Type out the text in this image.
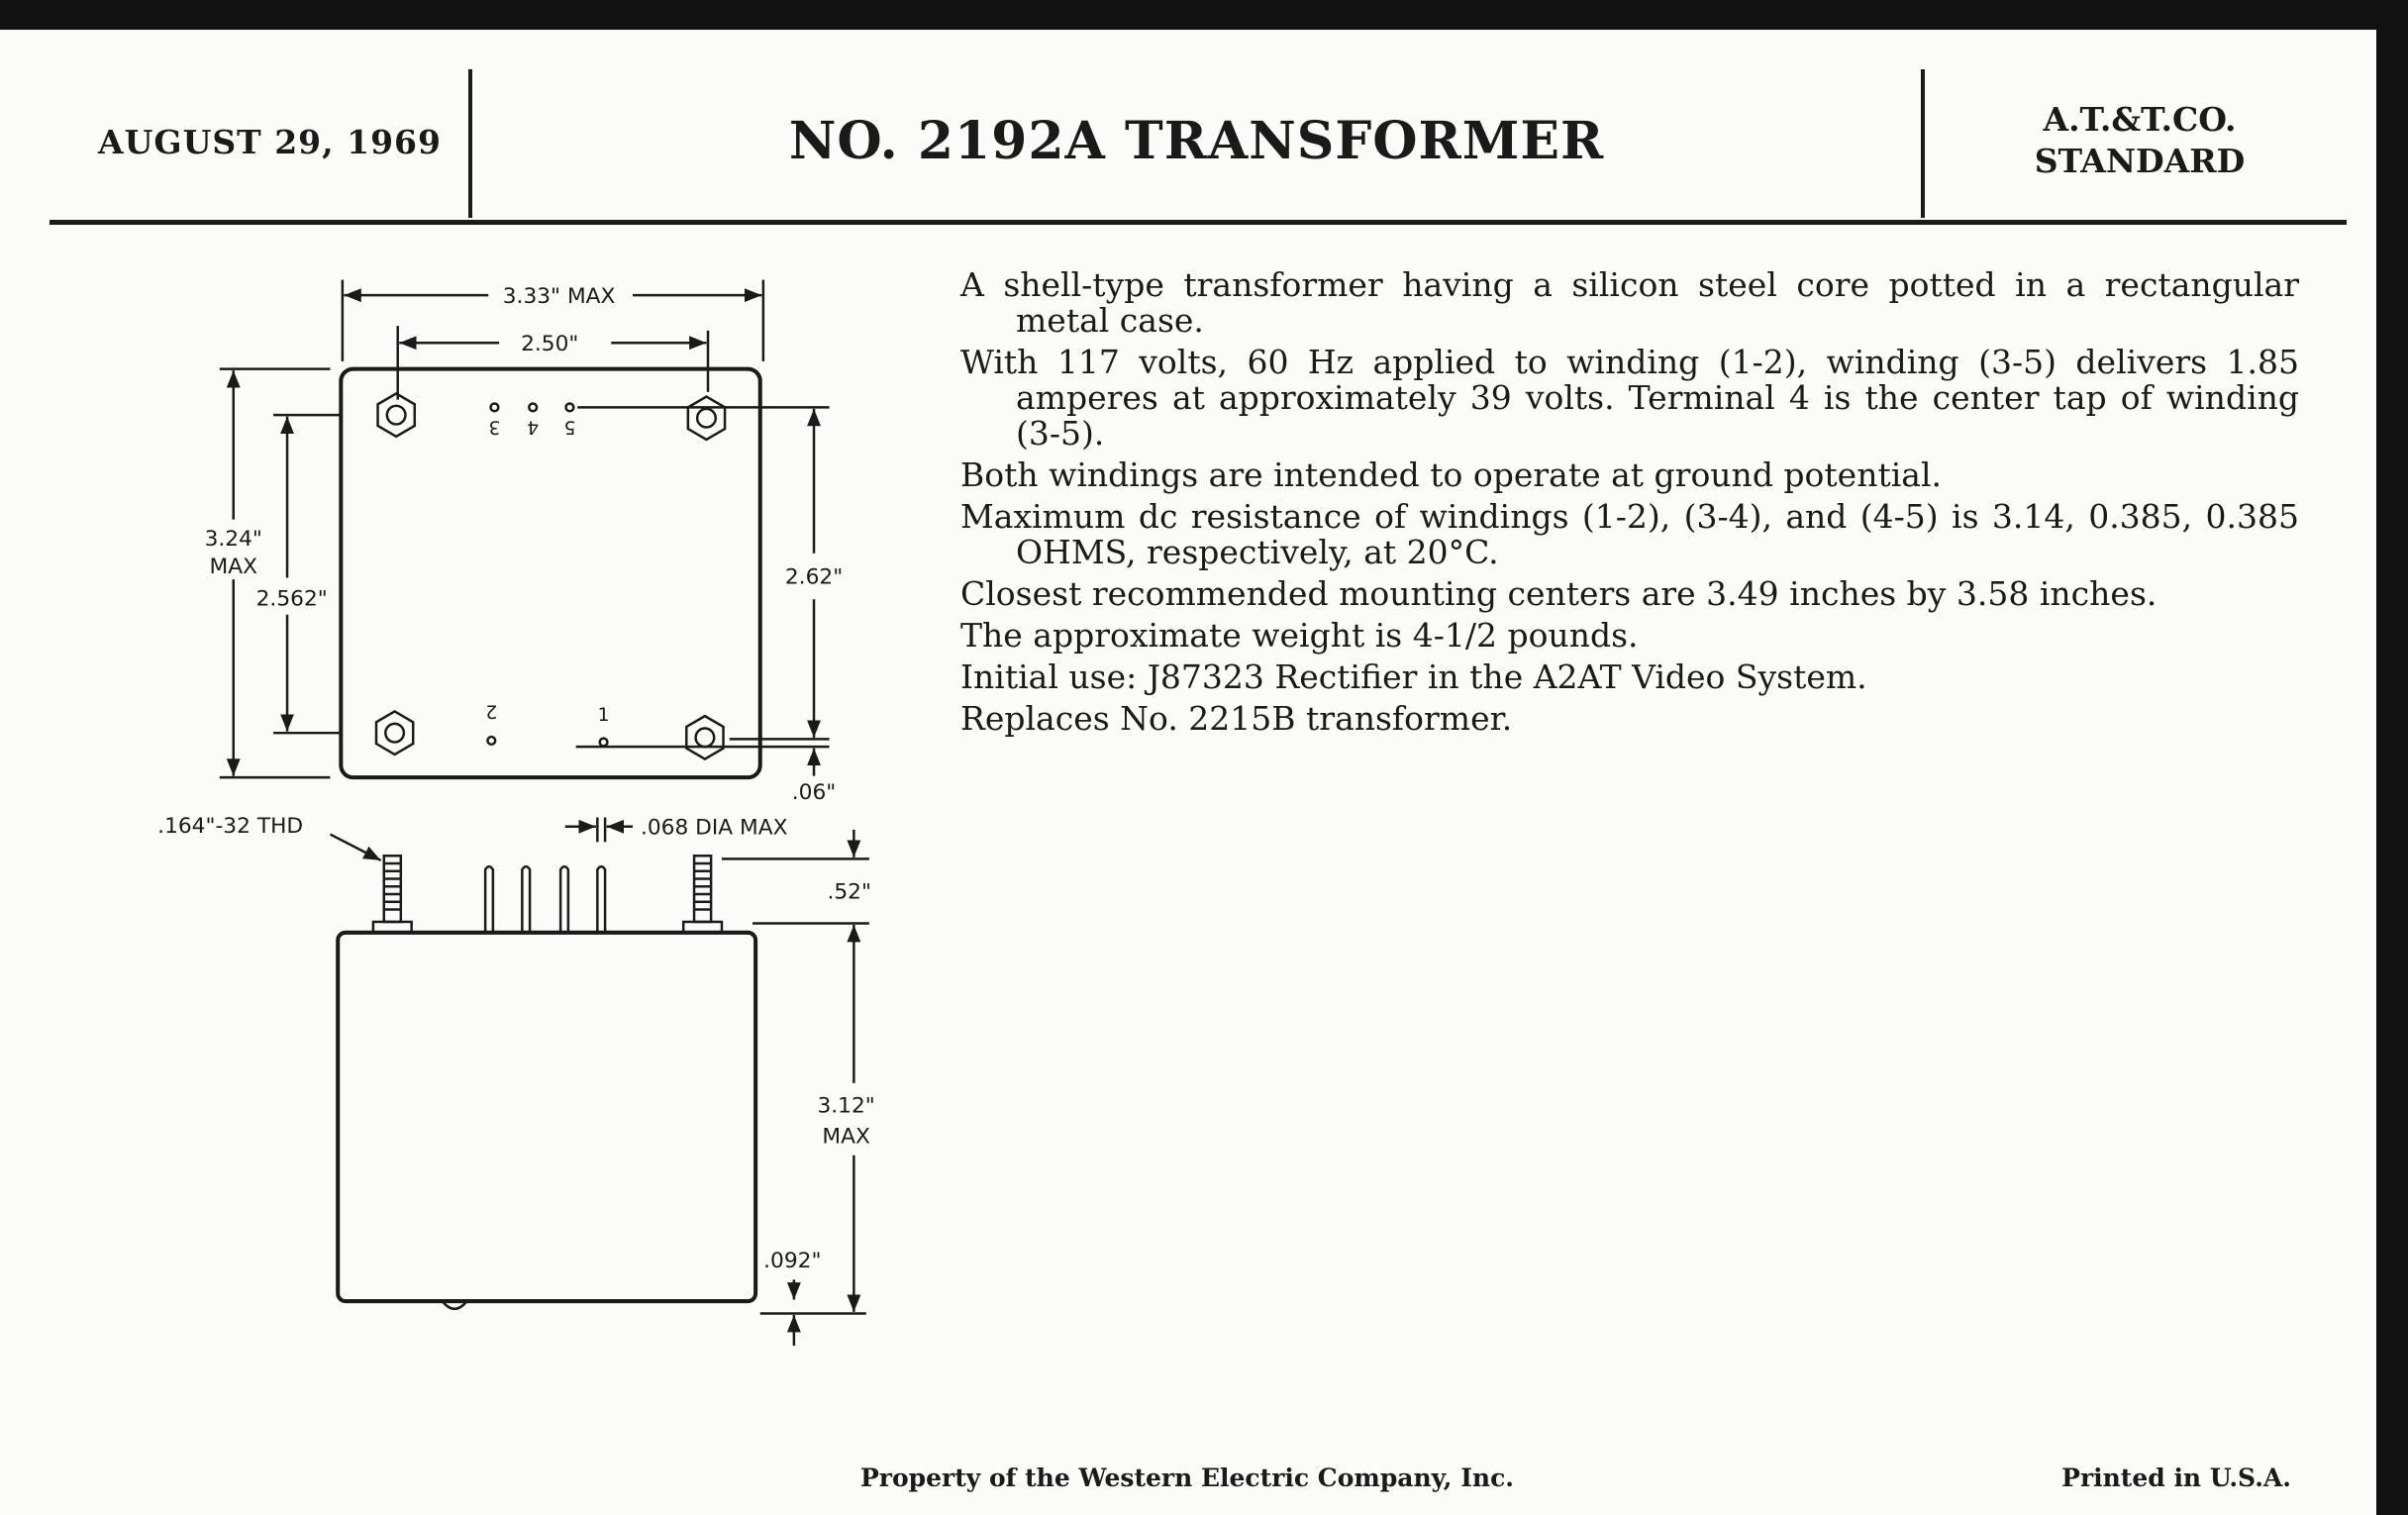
AUGUST 29, 1969	NO. 2192A TRANSFORMER	A.T.&T.CO.
STANDARD
A shell-type transformer having a silicon steel core potted in a rectangular metal case.
With 117 volts, 60 Hz applied to winding (1-2), winding (3-5) delivers 1.85 amperes at approximately 39 volts. Terminal 4 is the center tap of winding (3-5).
Both windings are intended to operate at ground potential.
Maximum dc resistance of windings (1-2), (3-4), and (4-5) is 3.14, 0.385, 0.385 OHMS, respectively, at 20°C.
Closest recommended mounting centers are 3.49 inches by 3.58 inches.
The approximate weight is 4-1/2 pounds.
Initial use: J87323 Rectifier in the A2AT Video System.
Replaces No. 2215B transformer.
3 4 5
2	1
3.33" MAX
2.50"
3.24"
MAX
2.562"
2.62"
.06"
.164"-32 THD	.068 DIA MAX
.52"
3.12"
MAX
.092"
Property of the Western Electric Company, Inc.	Printed in U.S.A.
